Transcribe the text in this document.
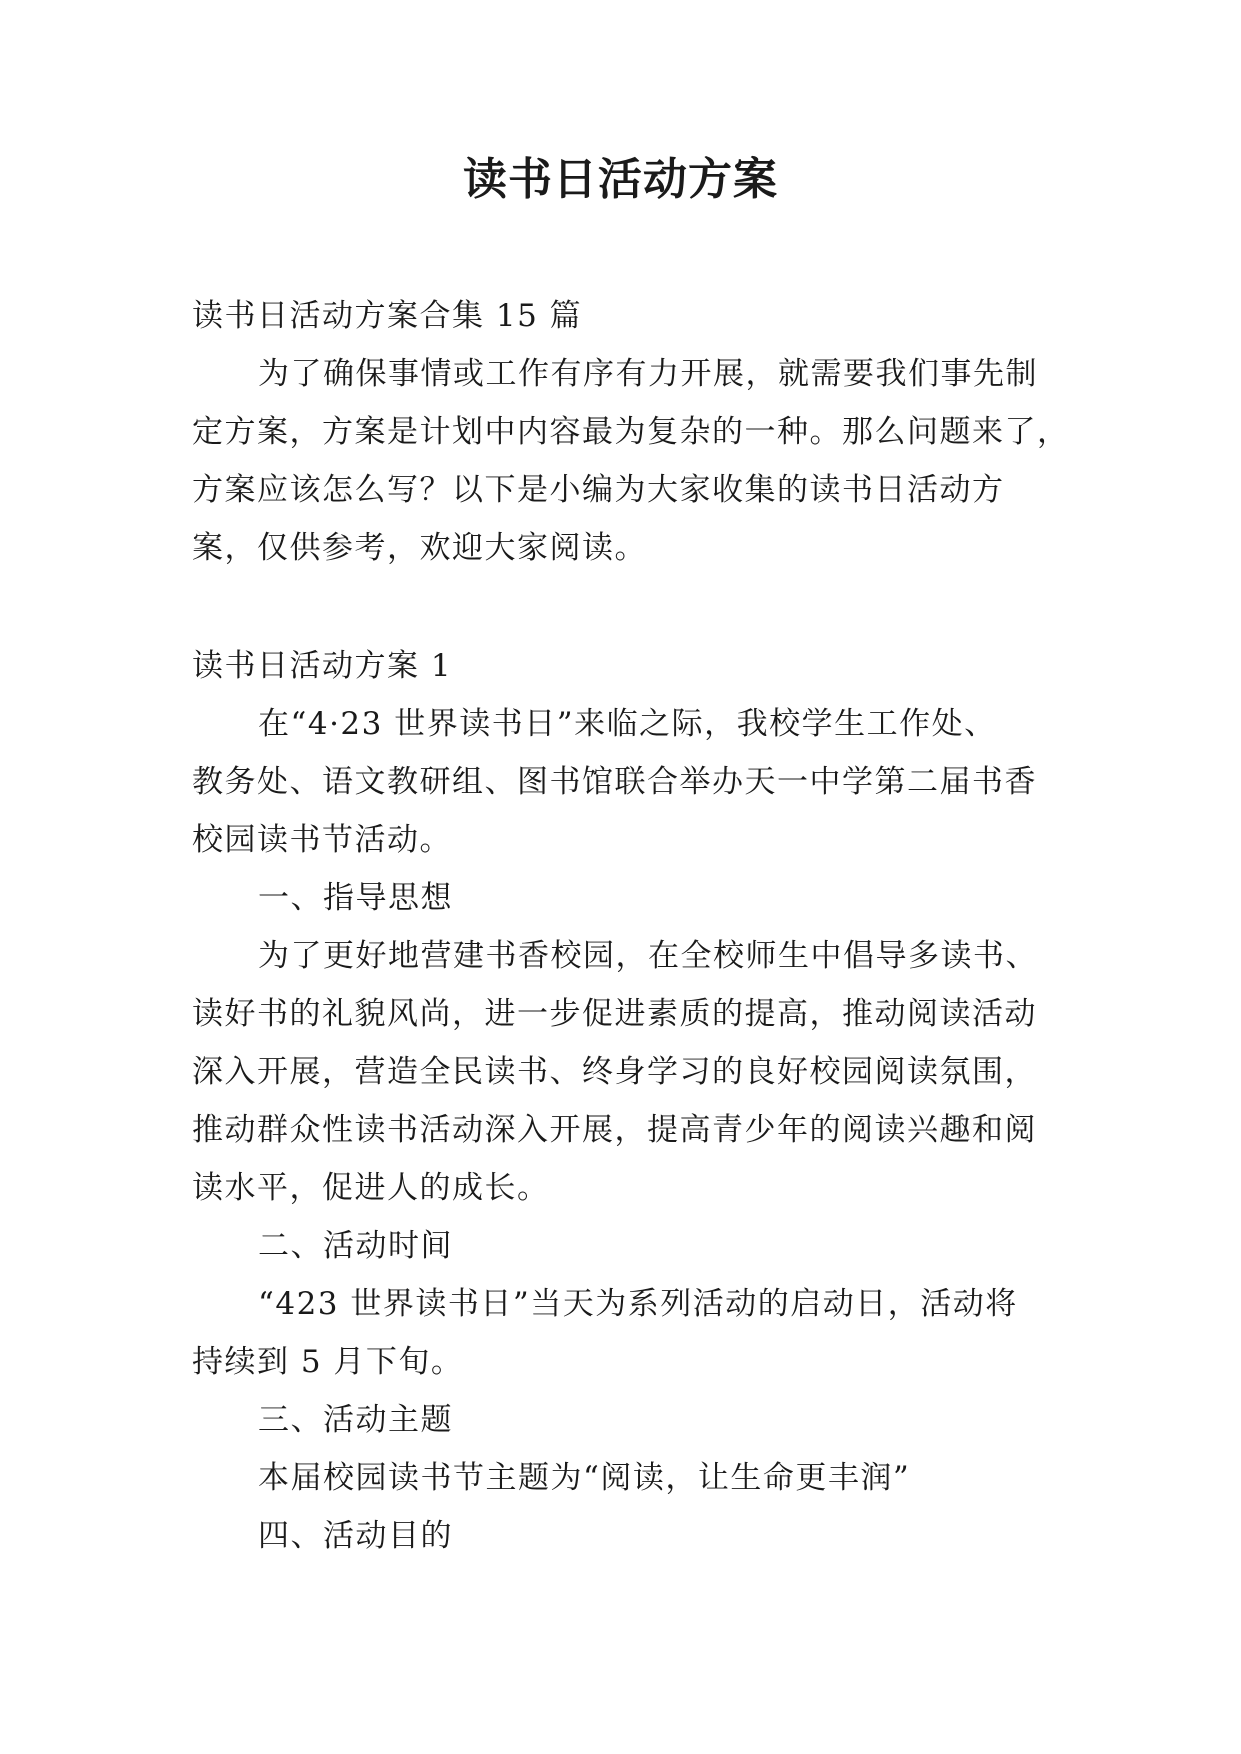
读书日活动方案
读书日活动方案合集 15 篇
为了确保事情或工作有序有力开展，就需要我们事先制
定方案，方案是计划中内容最为复杂的一种。那么问题来了，
方案应该怎么写？以下是小编为大家收集的读书日活动方
案，仅供参考，欢迎大家阅读。
读书日活动方案 1
在“4·23 世界读书日”来临之际，我校学生工作处、
教务处、语文教研组、图书馆联合举办天一中学第二届书香
校园读书节活动。
一、指导思想
为了更好地营建书香校园，在全校师生中倡导多读书、
读好书的礼貌风尚，进一步促进素质的提高，推动阅读活动
深入开展，营造全民读书、终身学习的良好校园阅读氛围，
推动群众性读书活动深入开展，提高青少年的阅读兴趣和阅
读水平，促进人的成长。
二、活动时间
“423 世界读书日”当天为系列活动的启动日，活动将
持续到 5 月下旬。
三、活动主题
本届校园读书节主题为“阅读，让生命更丰润”
四、活动目的
